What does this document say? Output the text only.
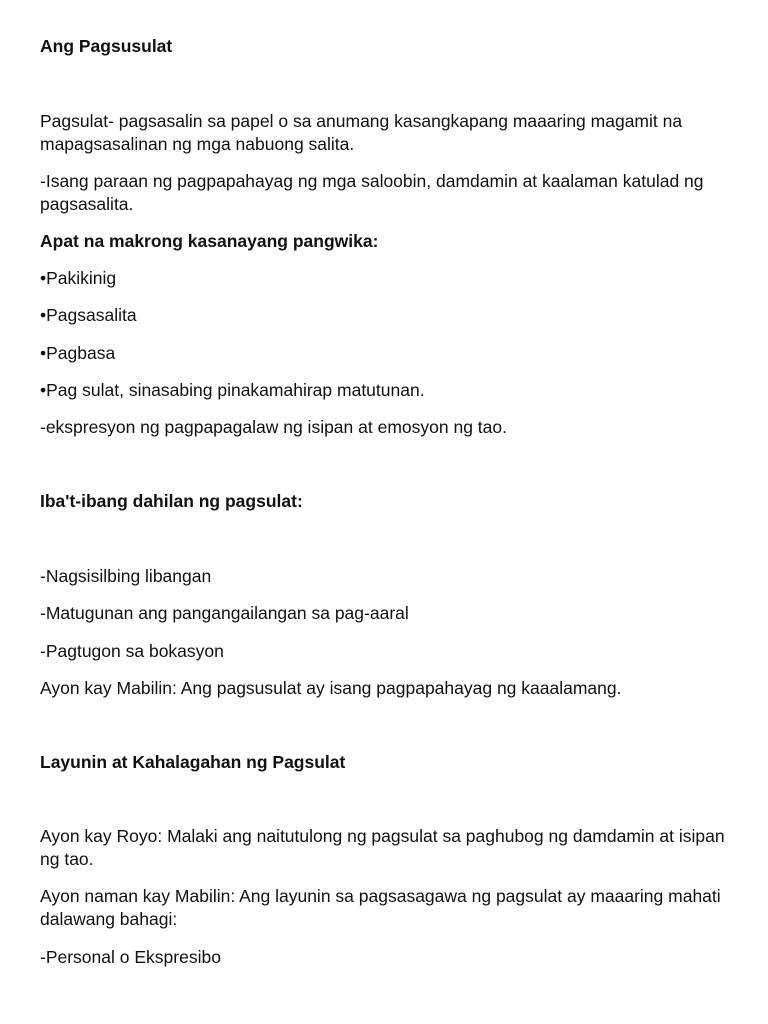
Ang Pagsusulat

Pagsulat- pagsasalin sa papel o sa anumang kasangkapang maaaring magamit na mapagsasalinan ng mga nabuong salita.

-Isang paraan ng pagpapahayag ng mga saloobin, damdamin at kaalaman katulad ng pagsasalita.

Apat na makrong kasanayang pangwika:

•Pakikinig

•Pagsasalita

•Pagbasa

•Pag sulat, sinasabing pinakamahirap matutunan.

-ekspresyon ng pagpapagalaw ng isipan at emosyon ng tao.

Iba't-ibang dahilan ng pagsulat:

-Nagsisilbing libangan

-Matugunan ang pangangailangan sa pag-aaral

-Pagtugon sa bokasyon

Ayon kay Mabilin: Ang pagsusulat ay isang pagpapahayag ng kaaalamang.

Layunin at Kahalagahan ng Pagsulat

Ayon kay Royo: Malaki ang naitutulong ng pagsulat sa paghubog ng damdamin at isipan ng tao.

Ayon naman kay Mabilin: Ang layunin sa pagsasagawa ng pagsulat ay maaaring mahati dalawang bahagi:

-Personal o Ekspresibo
